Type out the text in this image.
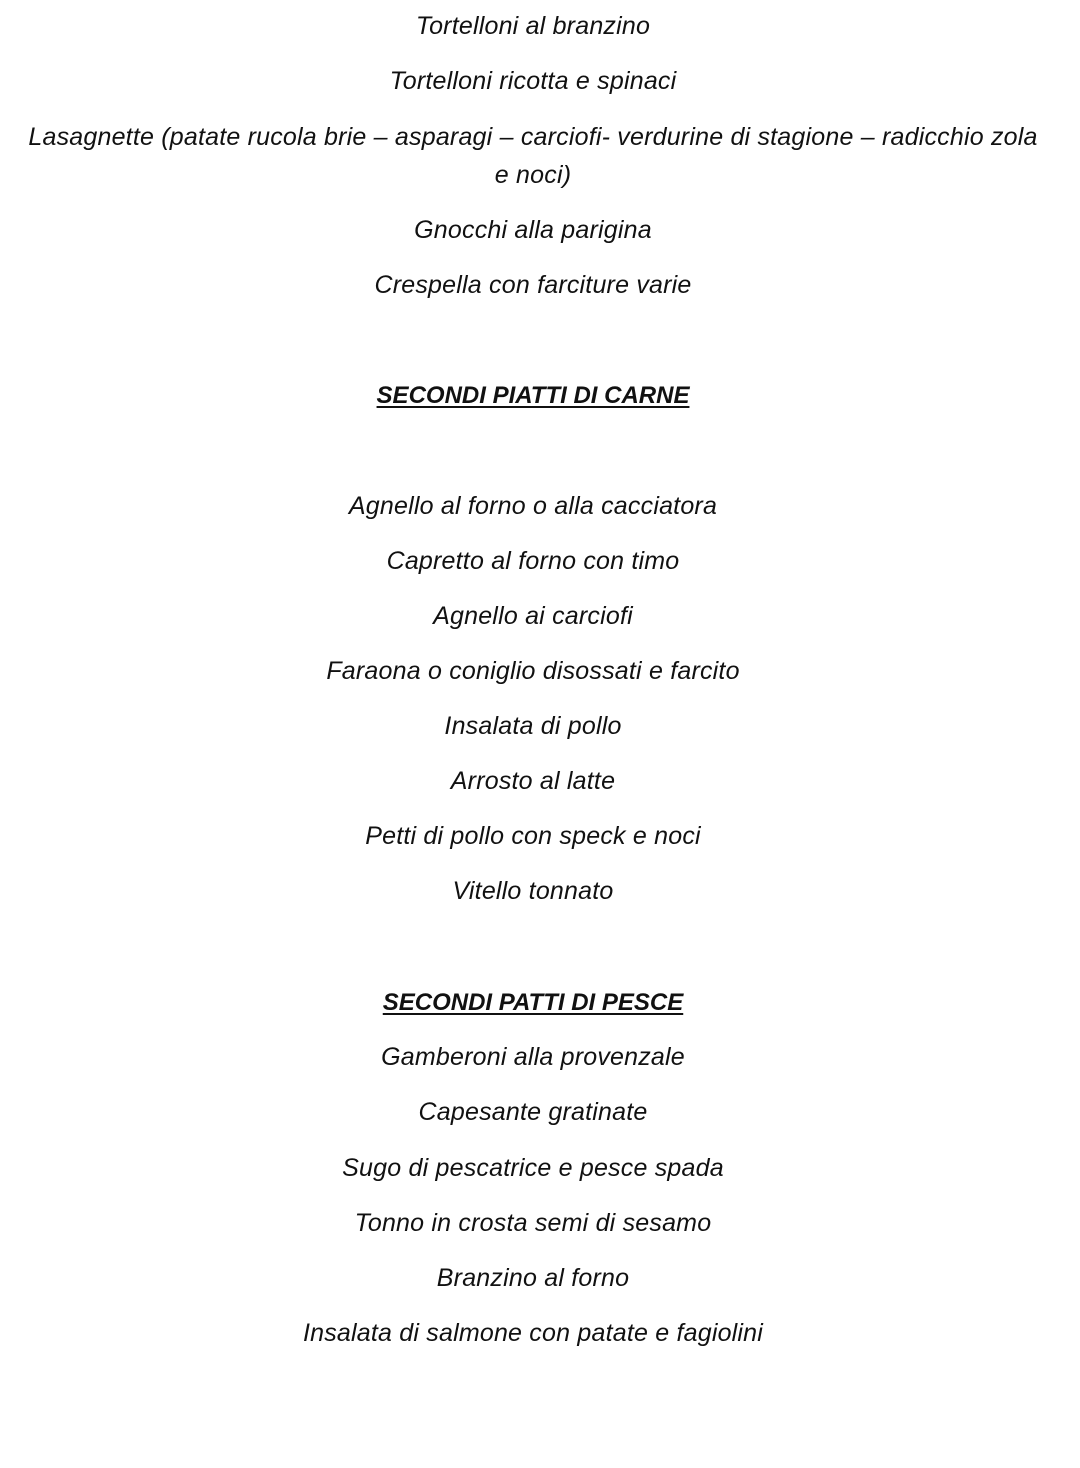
Tortelloni al branzino
Tortelloni ricotta e spinaci
Lasagnette (patate rucola brie – asparagi – carciofi- verdurine di stagione – radicchio zola e noci)
Gnocchi alla parigina
Crespella con farciture varie
SECONDI PIATTI DI CARNE
Agnello al forno o alla cacciatora
Capretto al forno con timo
Agnello ai carciofi
Faraona o coniglio disossati e farcito
Insalata di pollo
Arrosto al latte
Petti di pollo con speck e noci
Vitello tonnato
SECONDI PATTI DI PESCE
Gamberoni alla provenzale
Capesante gratinate
Sugo di pescatrice e pesce spada
Tonno in crosta semi di sesamo
Branzino al forno
Insalata di salmone con patate e fagiolini
